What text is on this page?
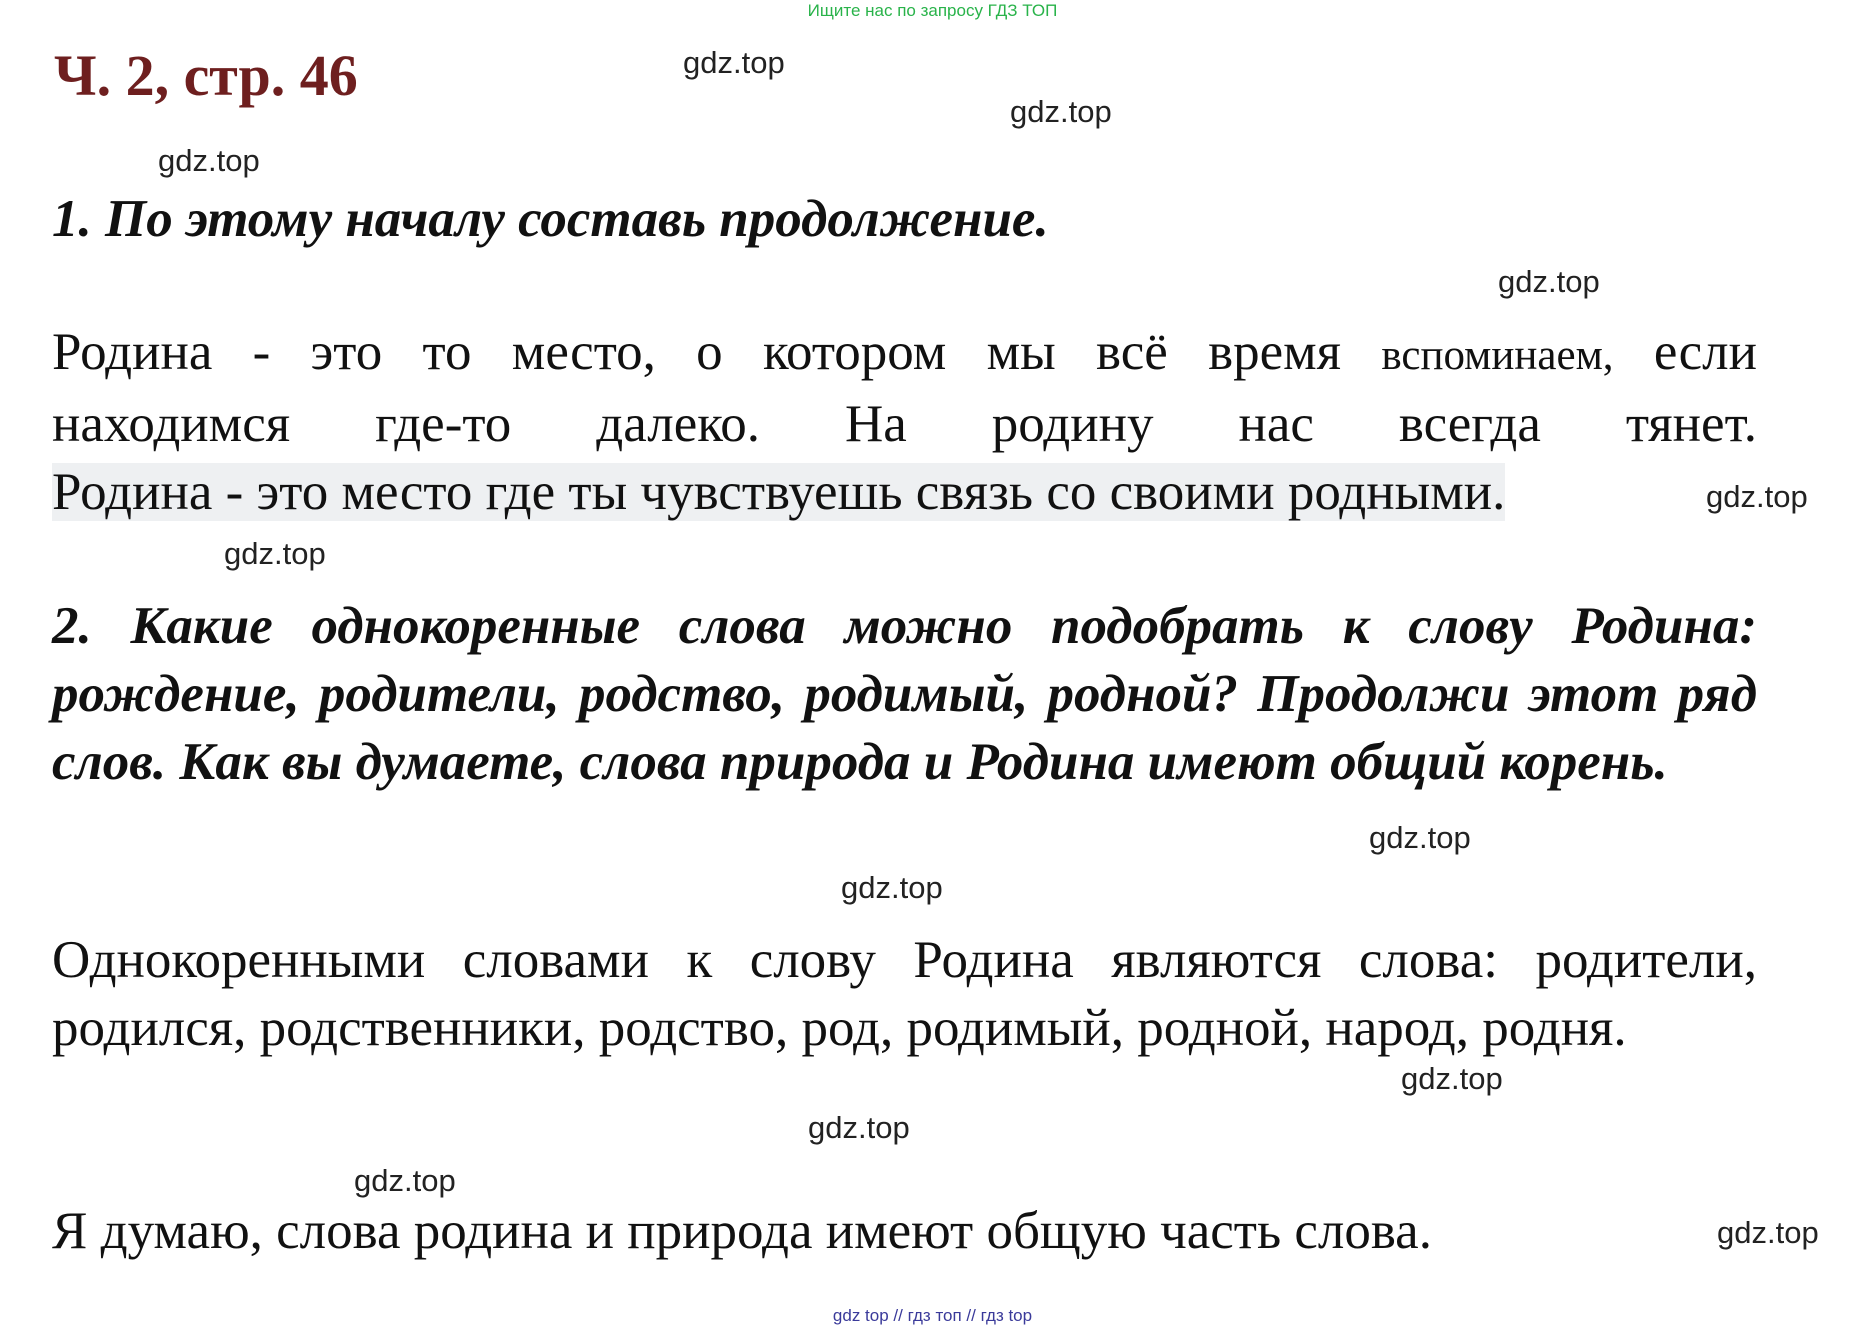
Ищите нас по запросу ГДЗ ТОП
Ч. 2, стр. 46	gdz.top
gdz.top
gdz.top
gdz.top
gdz.top
gdz.top
gdz.top
gdz.top
gdz.top
gdz.top
gdz.top
gdz.top

1. По этому началу составь продолжение.

Родина - это то место, о котором мы всё время вспоминаем, если
находимся где-то далеко. На родину нас всегда тянет.
Родина - это место где ты чувствуешь связь со своими родными.

2. Какие однокоренные слова можно подобрать к слову Родина: рождение, родители, родство, родимый, родной? Продолжи этот ряд слов. Как вы думаете, слова природа и Родина имеют общий корень.

Однокоренными словами к слову Родина являются слова: родители, родился, родственники, родство, род, родимый, родной, народ, родня.

Я думаю, слова родина и природа имеют общую часть слова.

gdz top // гдз топ // гдз top
